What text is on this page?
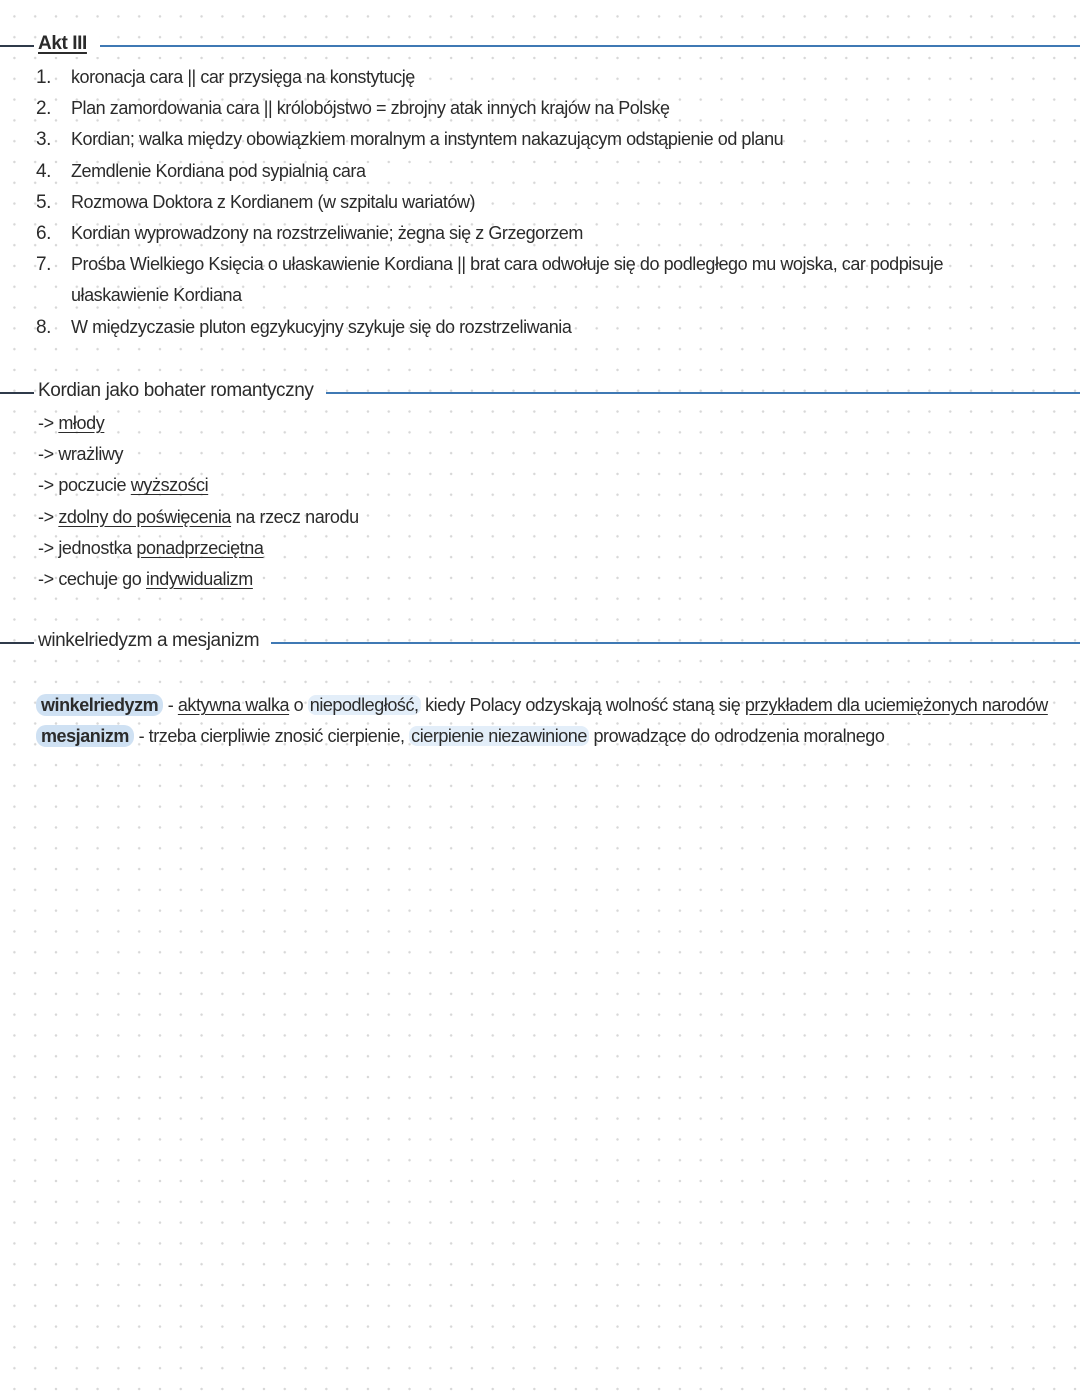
Akt III
1. koronacja cara || car przysięga na konstytucję
2. Plan zamordowania cara || królobójstwo = zbrojny atak innych krajów na Polskę
3. Kordian; walka między obowiązkiem moralnym a instyntem nakazującym odstąpienie od planu
4. Zemdlenie Kordiana pod sypialnią cara
5. Rozmowa Doktora z Kordianem (w szpitalu wariatów)
6. Kordian wyprowadzony na rozstrzeliwanie; żegna się z Grzegorzem
7. Prośba Wielkiego Księcia o ułaskawienie Kordiana || brat cara odwołuje się do podległego mu wojska, car podpisuje ułaskawienie Kordiana
8. W międzyczasie pluton egzykucyjny szykuje się do rozstrzeliwania
Kordian jako bohater romantyczny
-> młody
-> wrażliwy
-> poczucie wyższości
-> zdolny do poświęcenia na rzecz narodu
-> jednostka ponadprzeciętna
-> cechuje go indywidualizm
winkelriedyzm a mesjanizm
winkelriedyzm - aktywna walka o niepodległość, kiedy Polacy odzyskają wolność staną się przykładem dla uciemiężonych narodów
mesjanizm - trzeba cierpliwie znosić cierpienie, cierpienie niezawinione prowadzące do odrodzenia moralnego
